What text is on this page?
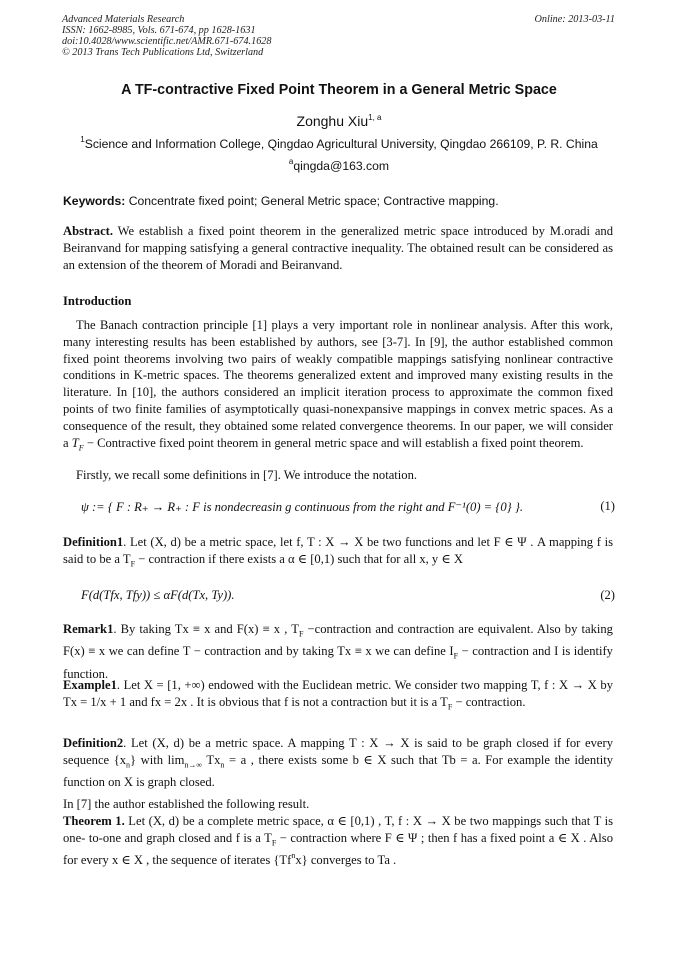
Advanced Materials Research
ISSN: 1662-8985, Vols. 671-674, pp 1628-1631
doi:10.4028/www.scientific.net/AMR.671-674.1628
© 2013 Trans Tech Publications Ltd, Switzerland
Online: 2013-03-11
A TF-contractive Fixed Point Theorem in a General Metric Space
Zonghu Xiu$^{1, a}$
$^1$Science and Information College, Qingdao Agricultural University, Qingdao 266109, P. R. China
$^a$qingda@163.com
Keywords: Concentrate fixed point; General Metric space; Contractive mapping.
Abstract. We establish a fixed point theorem in the generalized metric space introduced by M.oradi and Beiranvand for mapping satisfying a general contractive inequality. The obtained result can be considered as an extension of the theorem of Moradi and Beiranvand.
Introduction
The Banach contraction principle [1] plays a very important role in nonlinear analysis. After this work, many interesting results has been established by authors, see [3-7]. In [9], the author established common fixed point theorems involving two pairs of weakly compatible mappings satisfying nonlinear contractive conditions in K-metric spaces. The theorems generalized extent and improved many existing results in the literature. In [10], the authors considered an implicit iteration process to approximate the common fixed points of two finite families of asymptotically quasi-nonexpansive mappings in convex metric spaces. As a consequence of the result, they obtained some related convergence theorems. In our paper, we will consider a $T_F$ − Contractive fixed point theorem in general metric space and will establish a fixed point theorem.
Firstly, we recall some definitions in [7]. We introduce the notation.
ψ := { F : R₊ → R₊ : F is nondecreasin g continuous from the right and F⁻¹(0) = {0} }.	(1)
Definition1. Let (X, d) be a metric space, let f, T : X → X be two functions and let F ∈ Ψ . A mapping f is said to be a $T_F$ − contraction if there exists a α ∈ [0,1) such that for all x, y ∈ X
F(d(Tfx, Tfy)) ≤ αF(d(Tx, Ty)).	(2)
Remark1. By taking Tx ≡ x and F(x) ≡ x , $T_F$ −contraction and contraction are equivalent. Also by taking F(x) ≡ x we can define T − contraction and by taking Tx ≡ x we can define $I_F$ − contraction and I is identify function.
Example1. Let X = [1, +∞) endowed with the Euclidean metric. We consider two mapping T, f : X → X by Tx = 1/x + 1 and fx = 2x . It is obvious that f is not a contraction but it is a $T_F$ − contraction.
Definition2. Let (X, d) be a metric space. A mapping T : X → X is said to be graph closed if for every sequence $\{x_n\}$ with $\lim_{n\to\infty} Tx_n = a$ , there exists some b ∈ X such that Tb = a. For example the identity function on X is graph closed.
In [7] the author established the following result.
Theorem 1. Let (X, d) be a complete metric space, α ∈ [0,1) , T, f : X → X be two mappings such that T is one- to-one and graph closed and f is a $T_F$ − contraction where F ∈ Ψ ; then f has a fixed point a ∈ X . Also for every x ∈ X , the sequence of iterates {Tf$^n$x} converges to Ta .
